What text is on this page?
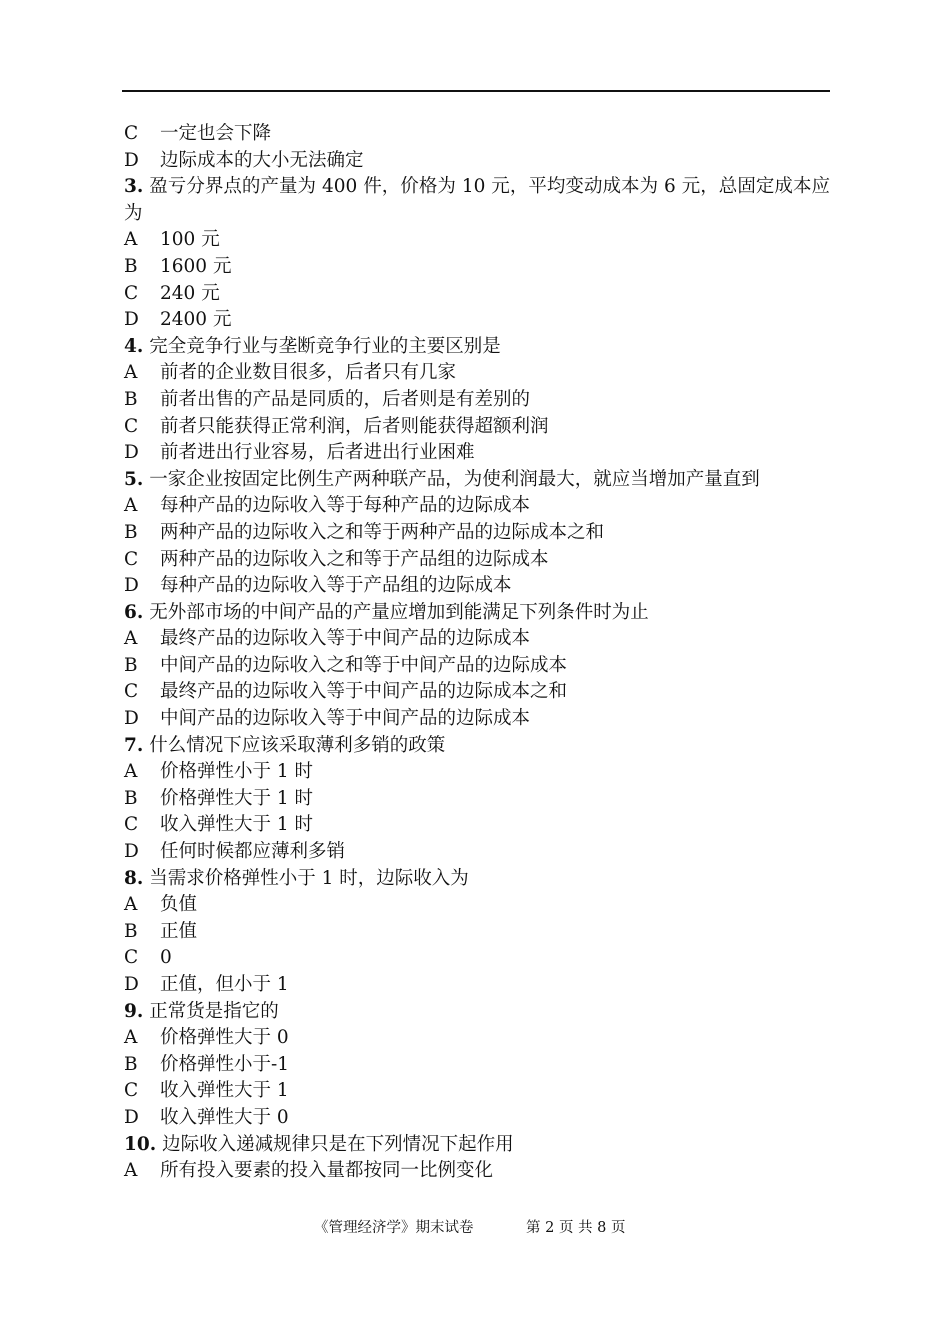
C 一定也会下降
D 边际成本的大小无法确定
3. 盈亏分界点的产量为 400 件，价格为 10 元，平均变动成本为 6 元，总固定成本应为
A 100 元
B 1600 元
C 240 元
D 2400 元
4. 完全竞争行业与垄断竞争行业的主要区别是
A 前者的企业数目很多，后者只有几家
B 前者出售的产品是同质的，后者则是有差别的
C 前者只能获得正常利润，后者则能获得超额利润
D 前者进出行业容易，后者进出行业困难
5. 一家企业按固定比例生产两种联产品，为使利润最大，就应当增加产量直到
A 每种产品的边际收入等于每种产品的边际成本
B 两种产品的边际收入之和等于两种产品的边际成本之和
C 两种产品的边际收入之和等于产品组的边际成本
D 每种产品的边际收入等于产品组的边际成本
6. 无外部市场的中间产品的产量应增加到能满足下列条件时为止
A 最终产品的边际收入等于中间产品的边际成本
B 中间产品的边际收入之和等于中间产品的边际成本
C 最终产品的边际收入等于中间产品的边际成本之和
D 中间产品的边际收入等于中间产品的边际成本
7. 什么情况下应该采取薄利多销的政策
A 价格弹性小于 1 时
B 价格弹性大于 1 时
C 收入弹性大于 1 时
D 任何时候都应薄利多销
8. 当需求价格弹性小于 1 时，边际收入为
A 负值
B 正值
C 0
D 正值，但小于 1
9. 正常货是指它的
A 价格弹性大于 0
B 价格弹性小于-1
C 收入弹性大于 1
D 收入弹性大于 0
10. 边际收入递减规律只是在下列情况下起作用
A 所有投入要素的投入量都按同一比例变化
《管理经济学》期末试卷	第 2 页 共 8 页
